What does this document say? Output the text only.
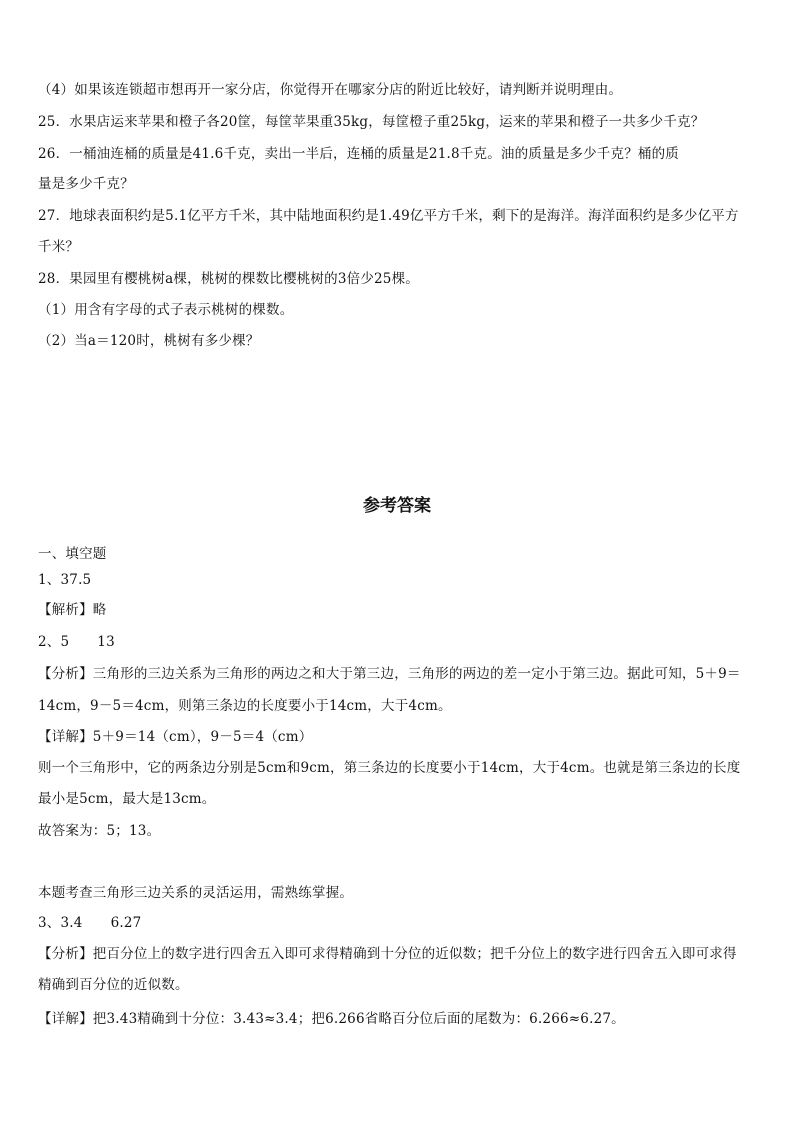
（4）如果该连锁超市想再开一家分店，你觉得开在哪家分店的附近比较好，请判断并说明理由。
25．水果店运来苹果和橙子各20筐，每筐苹果重35kg，每筐橙子重25kg，运来的苹果和橙子一共多少千克？
26．一桶油连桶的质量是41.6千克，卖出一半后，连桶的质量是21.8千克。油的质量是多少千克？桶的质
量是多少千克？
27．地球表面积约是5.1亿平方千米，其中陆地面积约是1.49亿平方千米，剩下的是海洋。海洋面积约是多少亿平方
千米？
28．果园里有樱桃树a棵，桃树的棵数比樱桃树的3倍少25棵。
（1）用含有字母的式子表示桃树的棵数。
（2）当a＝120时，桃树有多少棵？
参考答案
一、填空题
1、37.5
【解析】略
2、5 13
【分析】三角形的三边关系为三角形的两边之和大于第三边，三角形的两边的差一定小于第三边。据此可知，5＋9＝
14cm，9－5＝4cm，则第三条边的长度要小于14cm，大于4cm。
【详解】5＋9＝14（cm），9－5＝4（cm）
则一个三角形中，它的两条边分别是5cm和9cm，第三条边的长度要小于14cm，大于4cm。也就是第三条边的长度
最小是5cm，最大是13cm。
故答案为：5；13。
本题考查三角形三边关系的灵活运用，需熟练掌握。
3、3.4 6.27
【分析】把百分位上的数字进行四舍五入即可求得精确到十分位的近似数；把千分位上的数字进行四舍五入即可求得
精确到百分位的近似数。
【详解】把3.43精确到十分位：3.43≈3.4；把6.266省略百分位后面的尾数为：6.266≈6.27。
